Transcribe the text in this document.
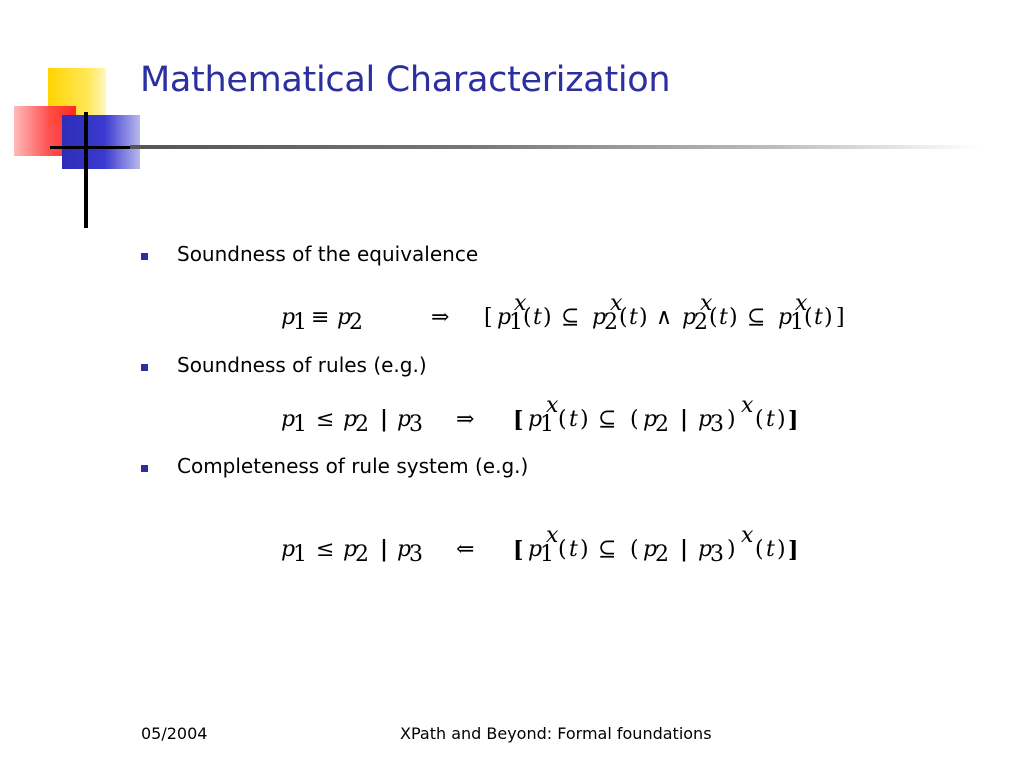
Mathematical Characterization
Soundness of the equivalence
Soundness of rules (e.g.)
Completeness of rule system (e.g.)
p
1 ≡ p
2	⇒ [ p
1
x
( t ) ⊆ p
2
x
( t ) ∧ p
2
x
( t ) ⊆ p
1
x
( t ) ]
p
1 ≤ p
2 | p
3 ⇒ [ p
1
x
( t ) ⊆ ( p
2 | p
3 )
x
( t ) ]
p
1 ≤ p
2 | p
3 ⇐ [ p
1
x
( t ) ⊆ ( p
2 | p
3 )
x
( t ) ]
05/2004	XPath and Beyond: Formal foundations
